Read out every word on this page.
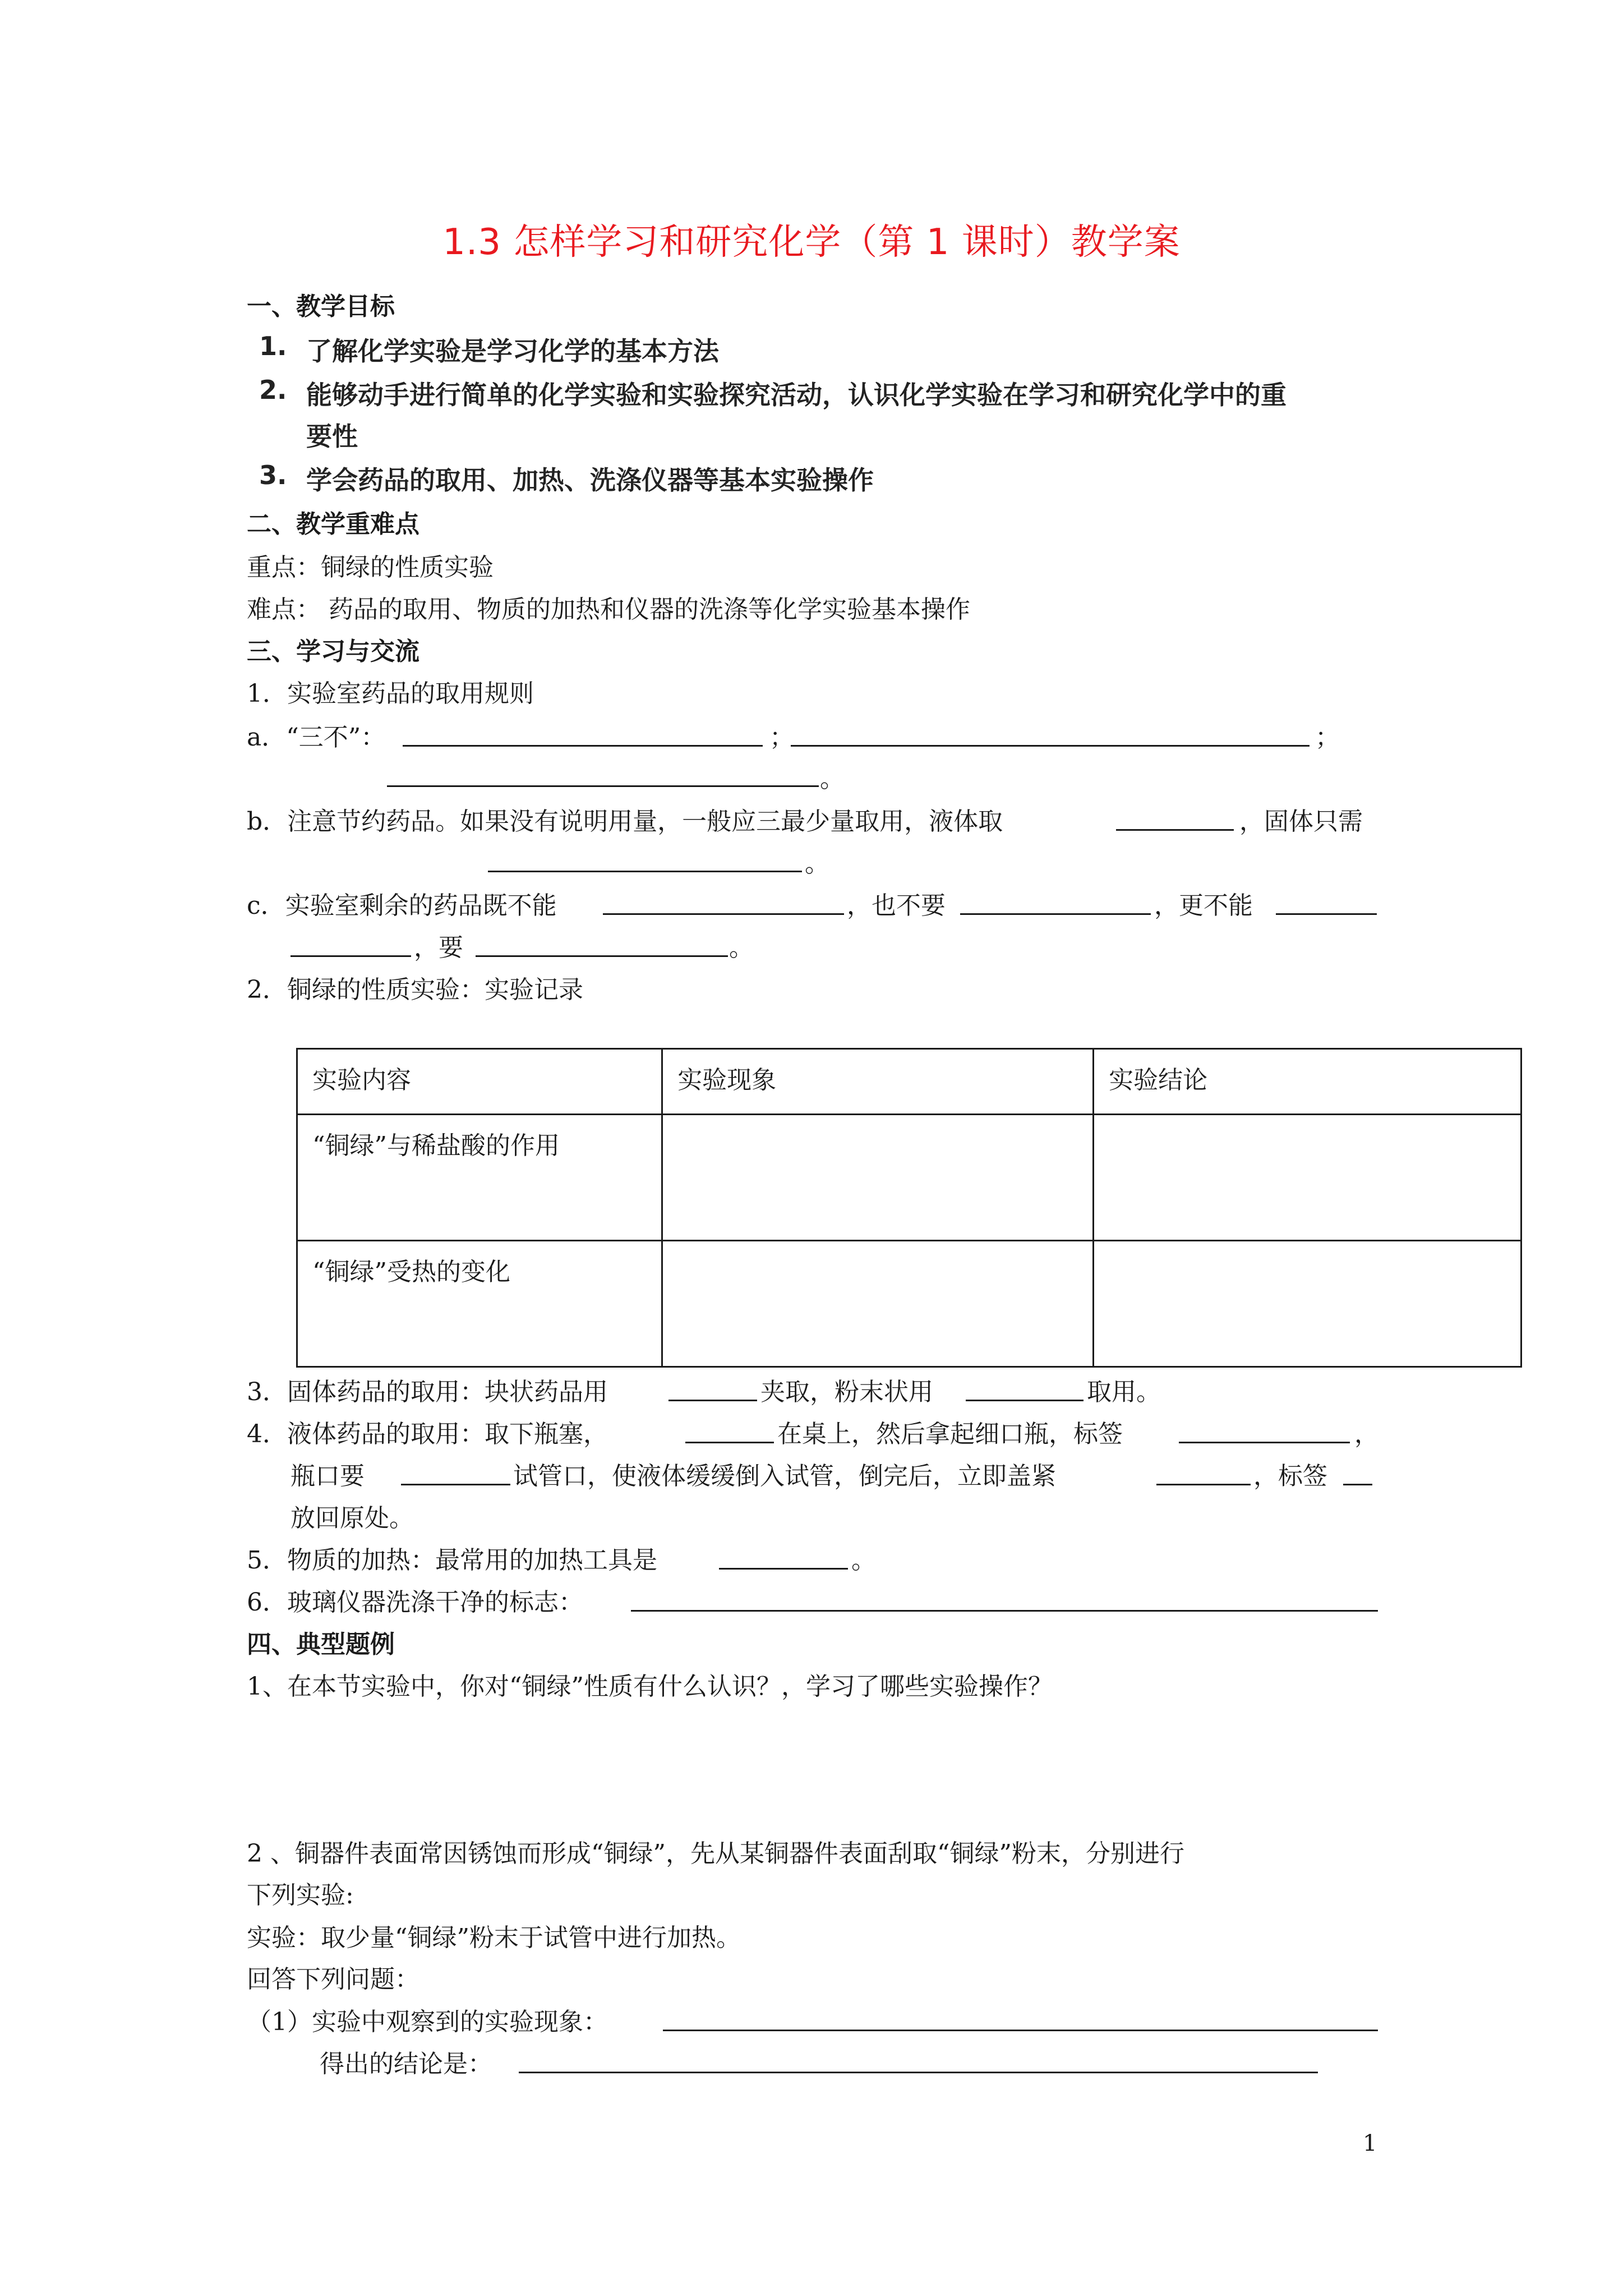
1.3 怎样学习和研究化学（第 1 课时）教学案
一、教学目标
1. 了解化学实验是学习化学的基本方法
2. 能够动手进行简单的化学实验和实验探究活动，认识化学实验在学习和研究化学中的重
要性
3. 学会药品的取用、加热、洗涤仪器等基本实验操作
二、教学重难点
重点：铜绿的性质实验
难点： 药品的取用、物质的加热和仪器的洗涤等化学实验基本操作
三、学习与交流
1．实验室药品的取用规则
a．“三不”：	；	；
。
b．注意节约药品。如果没有说明用量，一般应三最少量取用，液体取	，固体只需
。
c．实验室剩余的药品既不能	，也不要	，更不能
，要	。
2．铜绿的性质实验：实验记录
实验内容	实验现象	实验结论
“铜绿”与稀盐酸的作用		
“铜绿”受热的变化		
3．固体药品的取用：块状药品用	夹取，粉末状用	取用。
4．液体药品的取用：取下瓶塞，	在桌上，然后拿起细口瓶，标签	，
瓶口要	试管口，使液体缓缓倒入试管，倒完后，立即盖紧	，标签
放回原处。
5．物质的加热：最常用的加热工具是	。
6．玻璃仪器洗涤干净的标志：
四、典型题例
1、在本节实验中，你对“铜绿”性质有什么认识？，学习了哪些实验操作？
2 、铜器件表面常因锈蚀而形成“铜绿”，先从某铜器件表面刮取“铜绿”粉末，分别进行
下列实验:
实验：取少量“铜绿”粉末于试管中进行加热。
回答下列问题：
（1）实验中观察到的实验现象：
得出的结论是：
1
